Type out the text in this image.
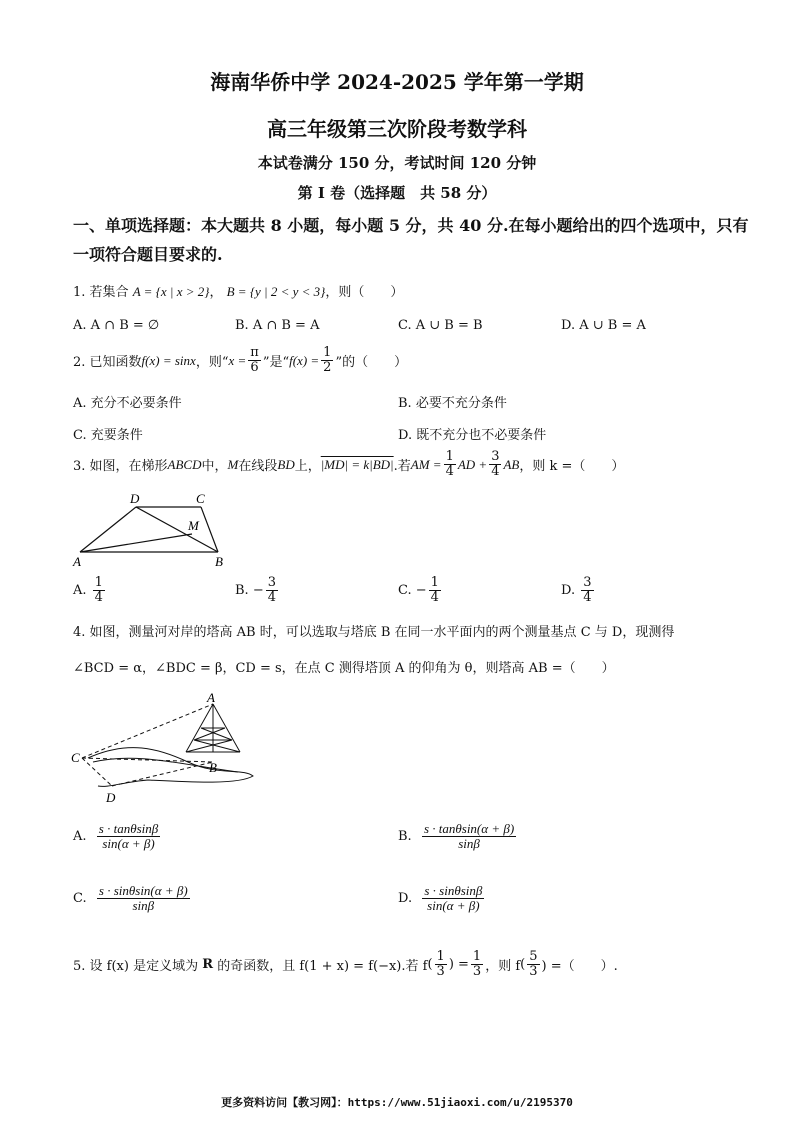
海南华侨中学 2024-2025 学年第一学期
高三年级第三次阶段考数学科
本试卷满分 150 分，考试时间 120 分钟
第 I 卷（选择题　共 58 分）
一、单项选择题：本大题共 8 小题，每小题 5 分，共 40 分.在每小题给出的四个选项中，只有
一项符合题目要求的.
1. 若集合 A = {x | x > 2}， B = {y | 2 < y < 3}，则（　　）
A. A ∩ B = ∅	B. A ∩ B = A	C. A ∪ B = B	D. A ∪ B = A
2. 已知函数 f(x) = sinx ，则“ $x = \frac{\pi}{6}$ ”是“ $f(x) = \frac{1}{2}$ ”的（　　）
A. 充分不必要条件	B. 必要不充分条件
C. 充要条件	D. 既不充分也不必要条件
3. 如图，在梯形 ABCD 中， M 在线段 BD 上， |MD| = k|BD| .若 AM = $\frac{1}{4}$ AD + $\frac{3}{4}$ AB ，则 k =（　　）
D	C
M
A	B
A.
$\frac{1}{4}$	B.
− $\frac{3}{4}$	C.
− $\frac{1}{4}$	D.
$\frac{3}{4}$
4. 如图，测量河对岸的塔高 AB 时，可以选取与塔底 B 在同一水平面内的两个测量基点 C 与 D，现测得
∠BCD = α，∠BDC = β，CD = s，在点 C 测得塔顶 A 的仰角为 θ，则塔高 AB =（　　）
A
B
C
D
A.
$\frac{s \cdot \tan\theta\sin\beta}{\sin(\alpha + \beta)}$	B.
$\frac{s \cdot \tan\theta\sin(\alpha + \beta)}{\sin\beta}$
C.
$\frac{s \cdot \sin\theta\sin(\alpha + \beta)}{\sin\beta}$	D.
$\frac{s \cdot \sin\theta\sin\beta}{\sin(\alpha + \beta)}$
5. 设 f(x) 是定义域为
R
的奇函数，且 f(1 + x) = f(−x).若 f ( $\frac{1}{3}$ ) = $\frac{1}{3}$ ，则 f ( $\frac{5}{3}$ ) =（　　）.
更多资料访问【教习网】：https://www.51jiaoxi.com/u/2195370
